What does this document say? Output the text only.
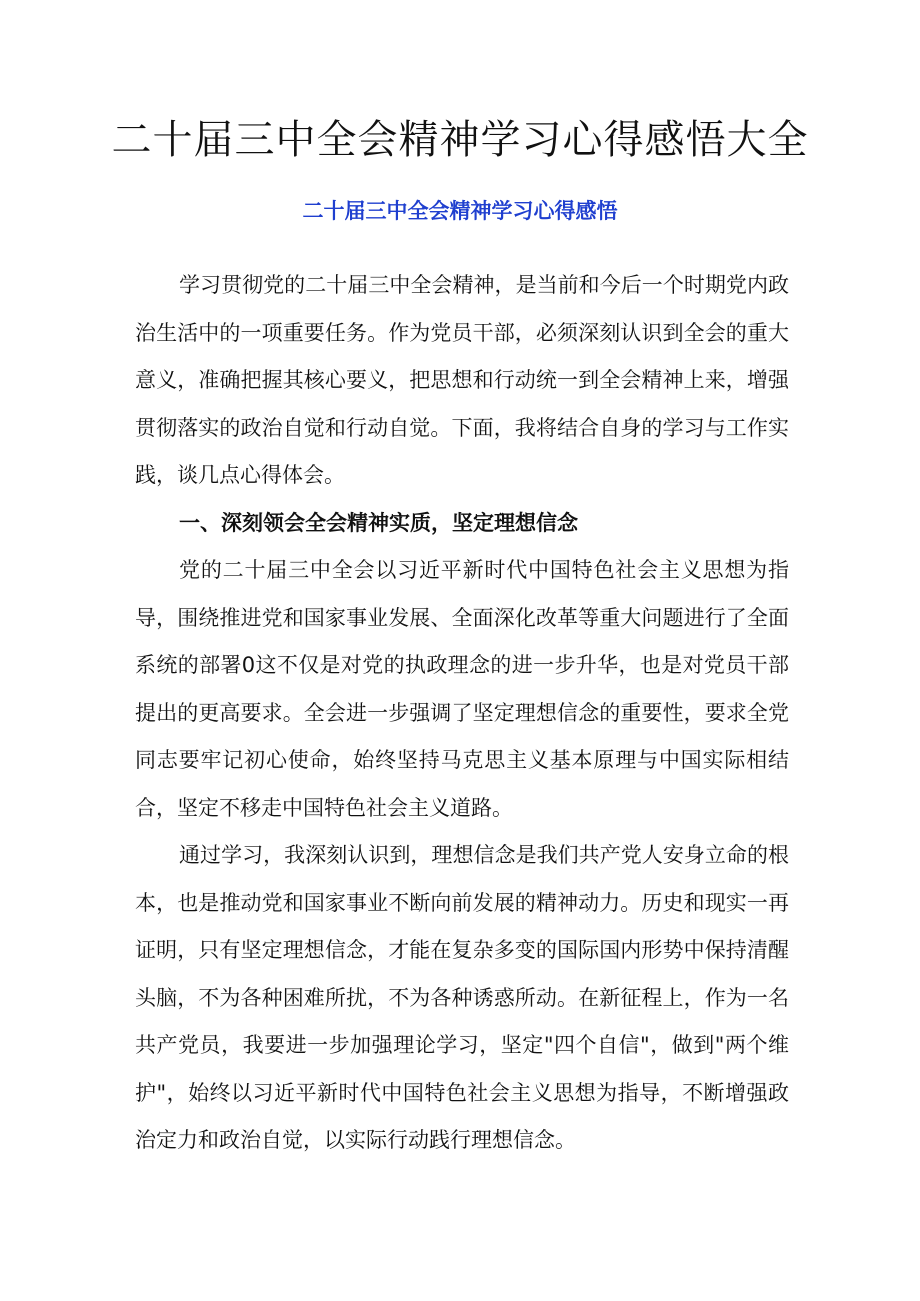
二十届三中全会精神学习心得感悟大全
二十届三中全会精神学习心得感悟

学习贯彻党的二十届三中全会精神，是当前和今后一个时期党内政治生活中的一项重要任务。作为党员干部，必须深刻认识到全会的重大意义，准确把握其核心要义，把思想和行动统一到全会精神上来，增强贯彻落实的政治自觉和行动自觉。下面，我将结合自身的学习与工作实践，谈几点心得体会。

一、深刻领会全会精神实质，坚定理想信念

党的二十届三中全会以习近平新时代中国特色社会主义思想为指导，围绕推进党和国家事业发展、全面深化改革等重大问题进行了全面系统的部署0这不仅是对党的执政理念的进一步升华，也是对党员干部提出的更高要求。全会进一步强调了坚定理想信念的重要性，要求全党同志要牢记初心使命，始终坚持马克思主义基本原理与中国实际相结合，坚定不移走中国特色社会主义道路。

通过学习，我深刻认识到，理想信念是我们共产党人安身立命的根本，也是推动党和国家事业不断向前发展的精神动力。历史和现实一再证明，只有坚定理想信念，才能在复杂多变的国际国内形势中保持清醒头脑，不为各种困难所扰，不为各种诱惑所动。在新征程上，作为一名共产党员，我要进一步加强理论学习，坚定"四个自信"，做到"两个维护"，始终以习近平新时代中国特色社会主义思想为指导，不断增强政治定力和政治自觉，以实际行动践行理想信念。
